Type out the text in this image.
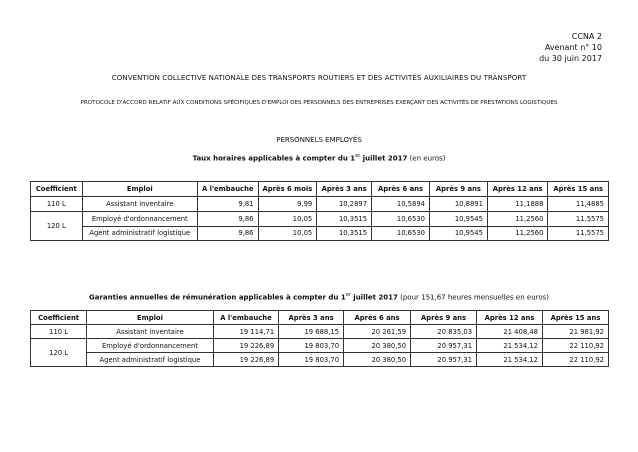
CCNA 2
Avenant n° 10
du 30 juin 2017
CONVENTION COLLECTIVE NATIONALE DES TRANSPORTS ROUTIERS ET DES ACTIVITÉS AUXILIAIRES DU TRANSPORT
PROTOCOLE D'ACCORD RELATIF AUX CONDITIONS SPÉCIFIQUES D'EMPLOI DES PERSONNELS DES ENTREPRISES EXERÇANT DES ACTIVITÉS DE PRESTATIONS LOGISTIQUES
PERSONNELS EMPLOYÉS
Taux horaires applicables à compter du 1er juillet 2017 (en euros)
Coefficient	Emploi	A l'embauche	Après 6 mois	Après 3 ans	Après 6 ans	Après 9 ans	Après 12 ans	Après 15 ans
110 L	Assistant inventaire	9,81	9,99	10,2897	10,5894	10,8891	11,1888	11,4885
120 L	Employé d'ordonnancement	9,86	10,05	10,3515	10,6530	10,9545	11,2560	11,5575
	Agent administratif logistique	9,86	10,05	10,3515	10,6530	10,9545	11,2560	11,5575
Garanties annuelles de rémunération applicables à compter du 1er juillet 2017 (pour 151,67 heures mensuelles en euros)
Coefficient	Emploi	A l'embauche	Après 3 ans	Après 6 ans	Après 9 ans	Après 12 ans	Après 15 ans
110 L	Assistant inventaire	19 114,71	19 688,15	20 261,59	20 835,03	21 408,48	21 981,92
120 L	Employé d'ordonnancement	19 226,89	19 803,70	20 380,50	20 957,31	21 534,12	22 110,92
	Agent administratif logistique	19 226,89	19 803,70	20 380,50	20 957,31	21 534,12	22 110,92
